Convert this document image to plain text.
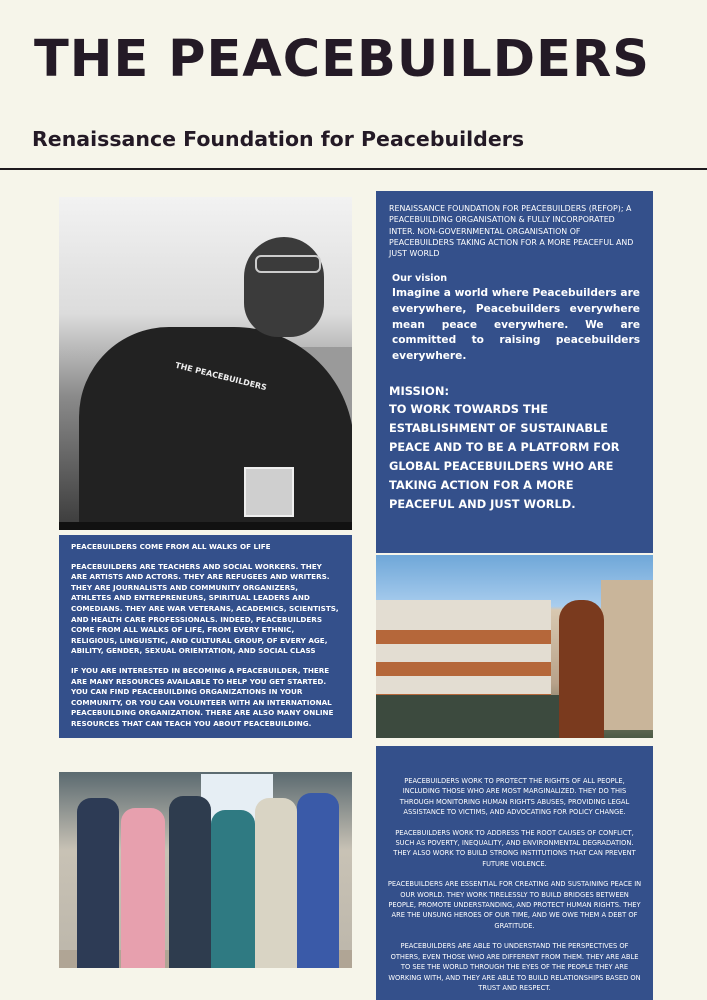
THE PEACEBUILDERS
Renaissance Foundation for Peacebuilders
THE PEACEBUILDERS

PEACEBUILDERS COME FROM ALL WALKS OF LIFE

PEACEBUILDERS ARE TEACHERS AND SOCIAL WORKERS. THEY ARE ARTISTS AND ACTORS. THEY ARE REFUGEES AND WRITERS. THEY ARE JOURNALISTS AND COMMUNITY ORGANIZERS, ATHLETES AND ENTREPRENEURS, SPIRITUAL LEADERS AND COMEDIANS. THEY ARE WAR VETERANS, ACADEMICS, SCIENTISTS, AND HEALTH CARE PROFESSIONALS. INDEED, PEACEBUILDERS COME FROM ALL WALKS OF LIFE, FROM EVERY ETHNIC, RELIGIOUS, LINGUISTIC, AND CULTURAL GROUP, OF EVERY AGE, ABILITY, GENDER, SEXUAL ORIENTATION, AND SOCIAL CLASS

IF YOU ARE INTERESTED IN BECOMING A PEACEBUILDER, THERE ARE MANY RESOURCES AVAILABLE TO HELP YOU GET STARTED. YOU CAN FIND PEACEBUILDING ORGANIZATIONS IN YOUR COMMUNITY, OR YOU CAN VOLUNTEER WITH AN INTERNATIONAL PEACEBUILDING ORGANIZATION. THERE ARE ALSO MANY ONLINE RESOURCES THAT CAN TEACH YOU ABOUT PEACEBUILDING.

RENAISSANCE FOUNDATION FOR PEACEBUILDERS (REFOP); A PEACEBUILDING ORGANISATION & FULLY INCORPORATED INTER. NON-GOVERNMENTAL ORGANISATION OF PEACEBUILDERS TAKING ACTION FOR A MORE PEACEFUL AND JUST WORLD
Our vision
Imagine a world where Peacebuilders are everywhere, Peacebuilders everywhere mean peace everywhere. We are committed to raising peacebuilders everywhere.
MISSION:
TO WORK TOWARDS THE ESTABLISHMENT OF SUSTAINABLE PEACE AND TO BE A PLATFORM FOR GLOBAL PEACEBUILDERS WHO ARE TAKING ACTION FOR A MORE PEACEFUL AND JUST WORLD.

PEACEBUILDERS WORK TO PROTECT THE RIGHTS OF ALL PEOPLE, INCLUDING THOSE WHO ARE MOST MARGINALIZED. THEY DO THIS THROUGH MONITORING HUMAN RIGHTS ABUSES, PROVIDING LEGAL ASSISTANCE TO VICTIMS, AND ADVOCATING FOR POLICY CHANGE.

PEACEBUILDERS WORK TO ADDRESS THE ROOT CAUSES OF CONFLICT, SUCH AS POVERTY, INEQUALITY, AND ENVIRONMENTAL DEGRADATION. THEY ALSO WORK TO BUILD STRONG INSTITUTIONS THAT CAN PREVENT FUTURE VIOLENCE.

PEACEBUILDERS ARE ESSENTIAL FOR CREATING AND SUSTAINING PEACE IN OUR WORLD. THEY WORK TIRELESSLY TO BUILD BRIDGES BETWEEN PEOPLE, PROMOTE UNDERSTANDING, AND PROTECT HUMAN RIGHTS. THEY ARE THE UNSUNG HEROES OF OUR TIME, AND WE OWE THEM A DEBT OF GRATITUDE.

PEACEBUILDERS ARE ABLE TO UNDERSTAND THE PERSPECTIVES OF OTHERS, EVEN THOSE WHO ARE DIFFERENT FROM THEM. THEY ARE ABLE TO SEE THE WORLD THROUGH THE EYES OF THE PEOPLE THEY ARE WORKING WITH, AND THEY ARE ABLE TO BUILD RELATIONSHIPS BASED ON TRUST AND RESPECT.
